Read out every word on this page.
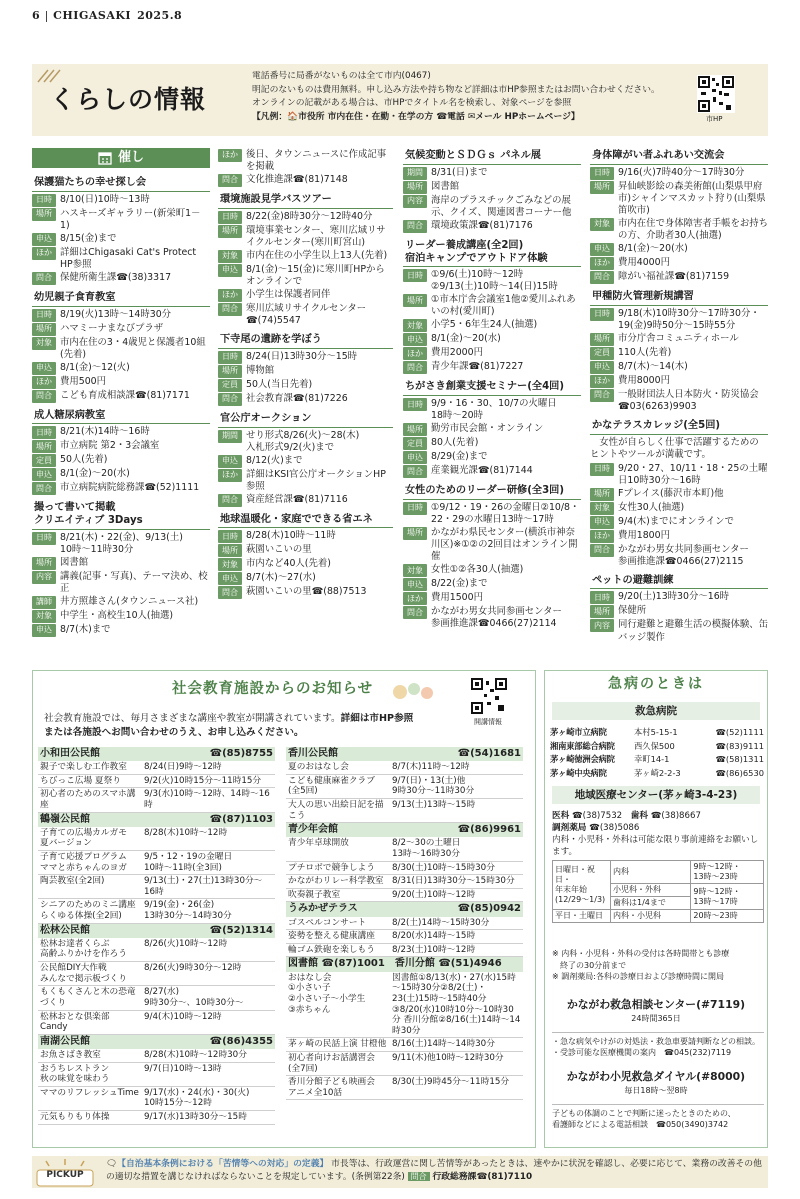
6 CHIGASAKI 2025.8
くらしの情報
電話番号に局番がないものは全て市内(0467)
明記のないものは費用無料。申し込み方法や持ち物など詳細は市HP参照またはお問い合わせください。
オンラインの記載がある場合は、市HPでタイトル名を検索し、対象ページを参照
【凡例：🏠市役所 市内在住・在勤・在学の方 ☎電話 ✉メール HPホームページ】	市HP
催し
保護猫たちの幸せ探し会
日時 8/10(日)10時～13時
場所 ハスキーズギャラリー(新栄町1－1)
申込 8/15(金)まで
ほか 詳細はChigasaki Cat's Protect HP参照
問合 保健所衛生課☎(38)3317
幼児親子食育教室
日時 8/19(火)13時～14時30分
場所 ハマミーナまなびプラザ
対象 市内在住の3・4歳児と保護者10組(先着)
申込 8/1(金)～12(火)
ほか 費用500円
問合 こども育成相談課☎(81)7171
成人糖尿病教室
日時 8/21(木)14時～16時
場所 市立病院 第2・3会議室
定員 50人(先着)
申込 8/1(金)～20(水)
問合 市立病院病院総務課☎(52)1111
撮って書いて掲載
クリエイティブ 3Days
日時 8/21(木)・22(金)、9/13(土)
10時～11時30分
場所 図書館
内容 講義(記事・写真)、テーマ決め、校正
講師 井方照雄さん(タウンニュース社)
対象 中学生・高校生10人(抽選)
申込 8/7(木)まで
ほか 後日、タウンニュースに作成記事を掲載
問合 文化推進課☎(81)7148
環境施設見学バスツアー
日時 8/22(金)8時30分～12時40分
場所 環境事業センター、寒川広域リサイクルセンター(寒川町宮山)
対象 市内在住の小学生以上13人(先着)
申込 8/1(金)～15(金)に寒川町HPからオンラインで
ほか 小学生は保護者同伴
問合 寒川広域リサイクルセンター
☎(74)5547
下寺尾の遺跡を学ぼう
日時 8/24(日)13時30分～15時
場所 博物館
定員 50人(当日先着)
問合 社会教育課☎(81)7226
官公庁オークション
期間 せり形式8/26(火)～28(木)
入札形式9/2(火)まで
申込 8/12(火)まで
ほか 詳細はKSI官公庁オークションHP参照
問合 資産経営課☎(81)7116
地球温暖化・家庭でできる省エネ
日時 8/28(木)10時～11時
場所 萩園いこいの里
対象 市内など40人(先着)
申込 8/7(木)～27(水)
問合 萩園いこいの里☎(88)7513
気候変動とＳＤＧｓ パネル展
期間 8/31(日)まで
場所 図書館
内容 海岸のプラスチックごみなどの展示、クイズ、関連図書コーナー他
問合 環境政策課☎(81)7176
リーダー養成講座(全2回)
宿泊キャンプでアウトドア体験
日時 ①9/6(土)10時～12時
②9/13(土)10時～14(日)15時
場所 ①市本庁舎会議室1他②愛川ふれあいの村(愛川町)
対象 小学5・6年生24人(抽選)
申込 8/1(金)～20(水)
ほか 費用2000円
問合 青少年課☎(81)7227
ちがさき創業支援セミナー(全4回)
日時 9/9・16・30、10/7の火曜日
18時～20時
場所 勤労市民会館・オンライン
定員 80人(先着)
申込 8/29(金)まで
問合 産業観光課☎(81)7144
女性のためのリーダー研修(全3回)
日時 ①9/12・19・26の金曜日②10/8・22・29の水曜日13時～17時
場所 かながわ県民センター(横浜市神奈川区)※①②の2回目はオンライン開催
対象 女性①②各30人(抽選)
申込 8/22(金)まで
ほか 費用1500円
問合 かながわ男女共同参画センター
参画推進課☎0466(27)2114
身体障がい者ふれあい交流会
日時 9/16(火)7時40分～17時30分
場所 昇仙峡影絵の森美術館(山梨県甲府市)シャインマスカット狩り(山梨県笛吹市)
対象 市内在住で身体障害者手帳をお持ちの方、介助者30人(抽選)
申込 8/1(金)～20(水)
ほか 費用4000円
問合 障がい福祉課☎(81)7159
甲種防火管理新規講習
日時 9/18(木)10時30分～17時30分・19(金)9時50分～15時55分
場所 市分庁舎コミュニティホール
定員 110人(先着)
申込 8/7(木)～14(木)
ほか 費用8000円
問合 一般財団法人日本防火・防災協会
☎03(6263)9903
かなテラスカレッジ(全5回)
女性が自らしく仕事で活躍するためのヒントやツールが満載です。
日時 9/20・27、10/11・18・25の土曜日10時30分～16時
場所 Fプレイス(藤沢市本町)他
対象 女性30人(抽選)
申込 9/4(木)までにオンラインで
ほか 費用1800円
問合 かながわ男女共同参画センター
参画推進課☎0466(27)2115
ペットの避難訓練
日時 9/20(土)13時30分～16時
場所 保健所
内容 同行避難と避難生活の模擬体験、缶バッジ製作
社会教育施設からのお知らせ
開講情報
社会教育施設では、毎月さまざまな講座や教室が開講されています。詳細は市HP参照
または各施設へお問い合わせのうえ、お申し込みください。
小和田公民館 ☎(85)8755	

親子で楽しむ工作教室	8/24(日)9時～12時
ちびっこ広場 夏祭り	9/2(火)10時15分～11時15分
初心者のためのスマホ講座	9/3(水)10時～12時、14時～16時
鶴嶺公民館 ☎(87)1103	

子育ての広場カルガモ
夏バージョン	8/28(木)10時～12時
子育て応援プログラム
ママと赤ちゃんのヨガ	9/5・12・19の金曜日
10時～11時(全3回)
陶芸教室(全2回)	9/13(土)・27(土)13時30分～16時
シニアのためのミニ講座
らくゆる体操(全2回)	9/19(金)・26(金)
13時30分～14時30分
松林公民館 ☎(52)1314	

松林お達者くらぶ
高齢ふりかけを作ろう	8/26(火)10時～12時
公民館DIY大作戦
みんなで掲示板づくり	8/26(火)9時30分～12時
もくもくさんと木の恐竜
づくり	8/27(水)
9時30分～、10時30分～
松林おとな倶楽部
Candy	9/4(木)10時～12時
南湖公民館 ☎(86)4355	

お魚さばき教室	8/28(木)10時～12時30分
おうちレストラン
秋の味覚を味わう	9/7(日)10時～13時
ママのリフレッシュTime	9/17(水)・24(水)・30(火)
10時15分～12時
元気もりもり体操	9/17(水)13時30分～15時
香川公民館 ☎(54)1681	

夏のおはなし会	8/7(木)11時～12時
こども健康麻雀クラブ
(全5回)	9/7(日)・13(土)他
9時30分～11時30分
大人の思い出絵日記を描こう	9/13(土)13時～15時
青少年会館 ☎(86)9961	

青少年卓球開放	8/2～30の土曜日
13時～16時30分
プチロボで競争しよう	8/30(土)10時～15時30分
かながわリレー科学教室	8/31(日)13時30分～15時30分
吹奏親子教室	9/20(土)10時～12時
うみかぜテラス ☎(85)0942	

ゴスペルコンサート	8/2(土)14時～15時30分
姿勢を整える健康講座	8/20(水)14時～15時
輪ゴム鉄砲を楽しもう	8/23(土)10時～12時
図書館 ☎(87)1001　 香川分館 ☎(51)4946	
おはなし会
①小さい子
②小さい子～小学生
③赤ちゃん	図書館①8/13(水)・27(水)15時～15時30分②8/2(土)・23(土)15時～15時40分③8/20(水)10時10分～10時30分 香川分館②8/16(土)14時～14時30分
茅ヶ崎の民話上演 甘橙他	8/16(土)14時～14時30分
初心者向けお話講習会
(全7回)	9/11(木)他10時～12時30分
香川分館子ども映画会
アニメ全10話	8/30(土)9時45分～11時15分
急病のときは
救急病院
茅ヶ崎市立病院	本村5-15-1	☎(52)1111
湘南東部総合病院	西久保500	☎(83)9111
茅ヶ崎徳洲会病院	幸町14-1	☎(58)1311
茅ヶ崎中央病院	茅ヶ崎2-2-3	☎(86)6530
地域医療センター(茅ヶ崎3-4-23)
医科 ☎(38)7532　 歯科 ☎(38)8667
調剤薬局 ☎(38)5086
内科・小児科・外科は可能な限り事前連絡をお願いします。
日曜日・祝日・
年末年始
(12/29～1/3)	内科	9時～12時・
13時～23時
	小児科・外科	9時～12時・
13時～17時
	歯科は1/4まで	
平日・土曜日	内科・小児科	20時～23時
※ 内科・小児科・外科の受付は各時間帯とも診療
　終了の30分前まで
※ 調剤薬局:各科の診療日および診療時間に開局
かながわ救急相談センター(#7119)
24時間365日
・急な病気やけがの対処法・救急車要請判断などの相談。
・受診可能な医療機関の案内　☎045(232)7119
かながわ小児救急ダイヤル(#8000)
毎日18時～翌8時
子どもの体調のことで判断に迷ったときのための、
看護師などによる電話相談　☎050(3490)3742
PICKUP
🗨【自治基本条例における「苦情等への対応」の定義】 市長等は、行政運営に関し苦情等があったときは、速やかに状況を確認し、必要に応じて、業務の改善その他の適切な措置を講じなければならないことを規定しています。(条例第22条) 問合 行政総務課☎(81)7110
